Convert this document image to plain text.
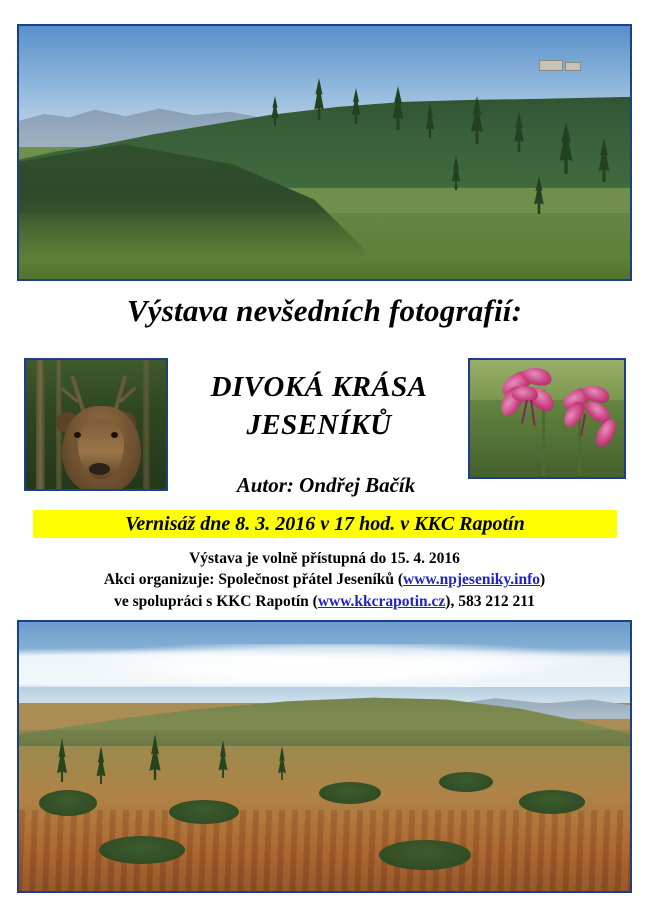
Výstava nevšedních fotografií:
DIVOKÁ KRÁSA
JESENÍKŮ
Autor: Ondřej Bačík
Vernisáž dne 8. 3. 2016 v 17 hod. v KKC Rapotín
Výstava je volně přístupná do 15. 4. 2016
Akci organizuje: Společnost přátel Jeseníků (www.npjeseniky.info)
ve spolupráci s KKC Rapotín (www.kkcrapotin.cz), 583 212 211
